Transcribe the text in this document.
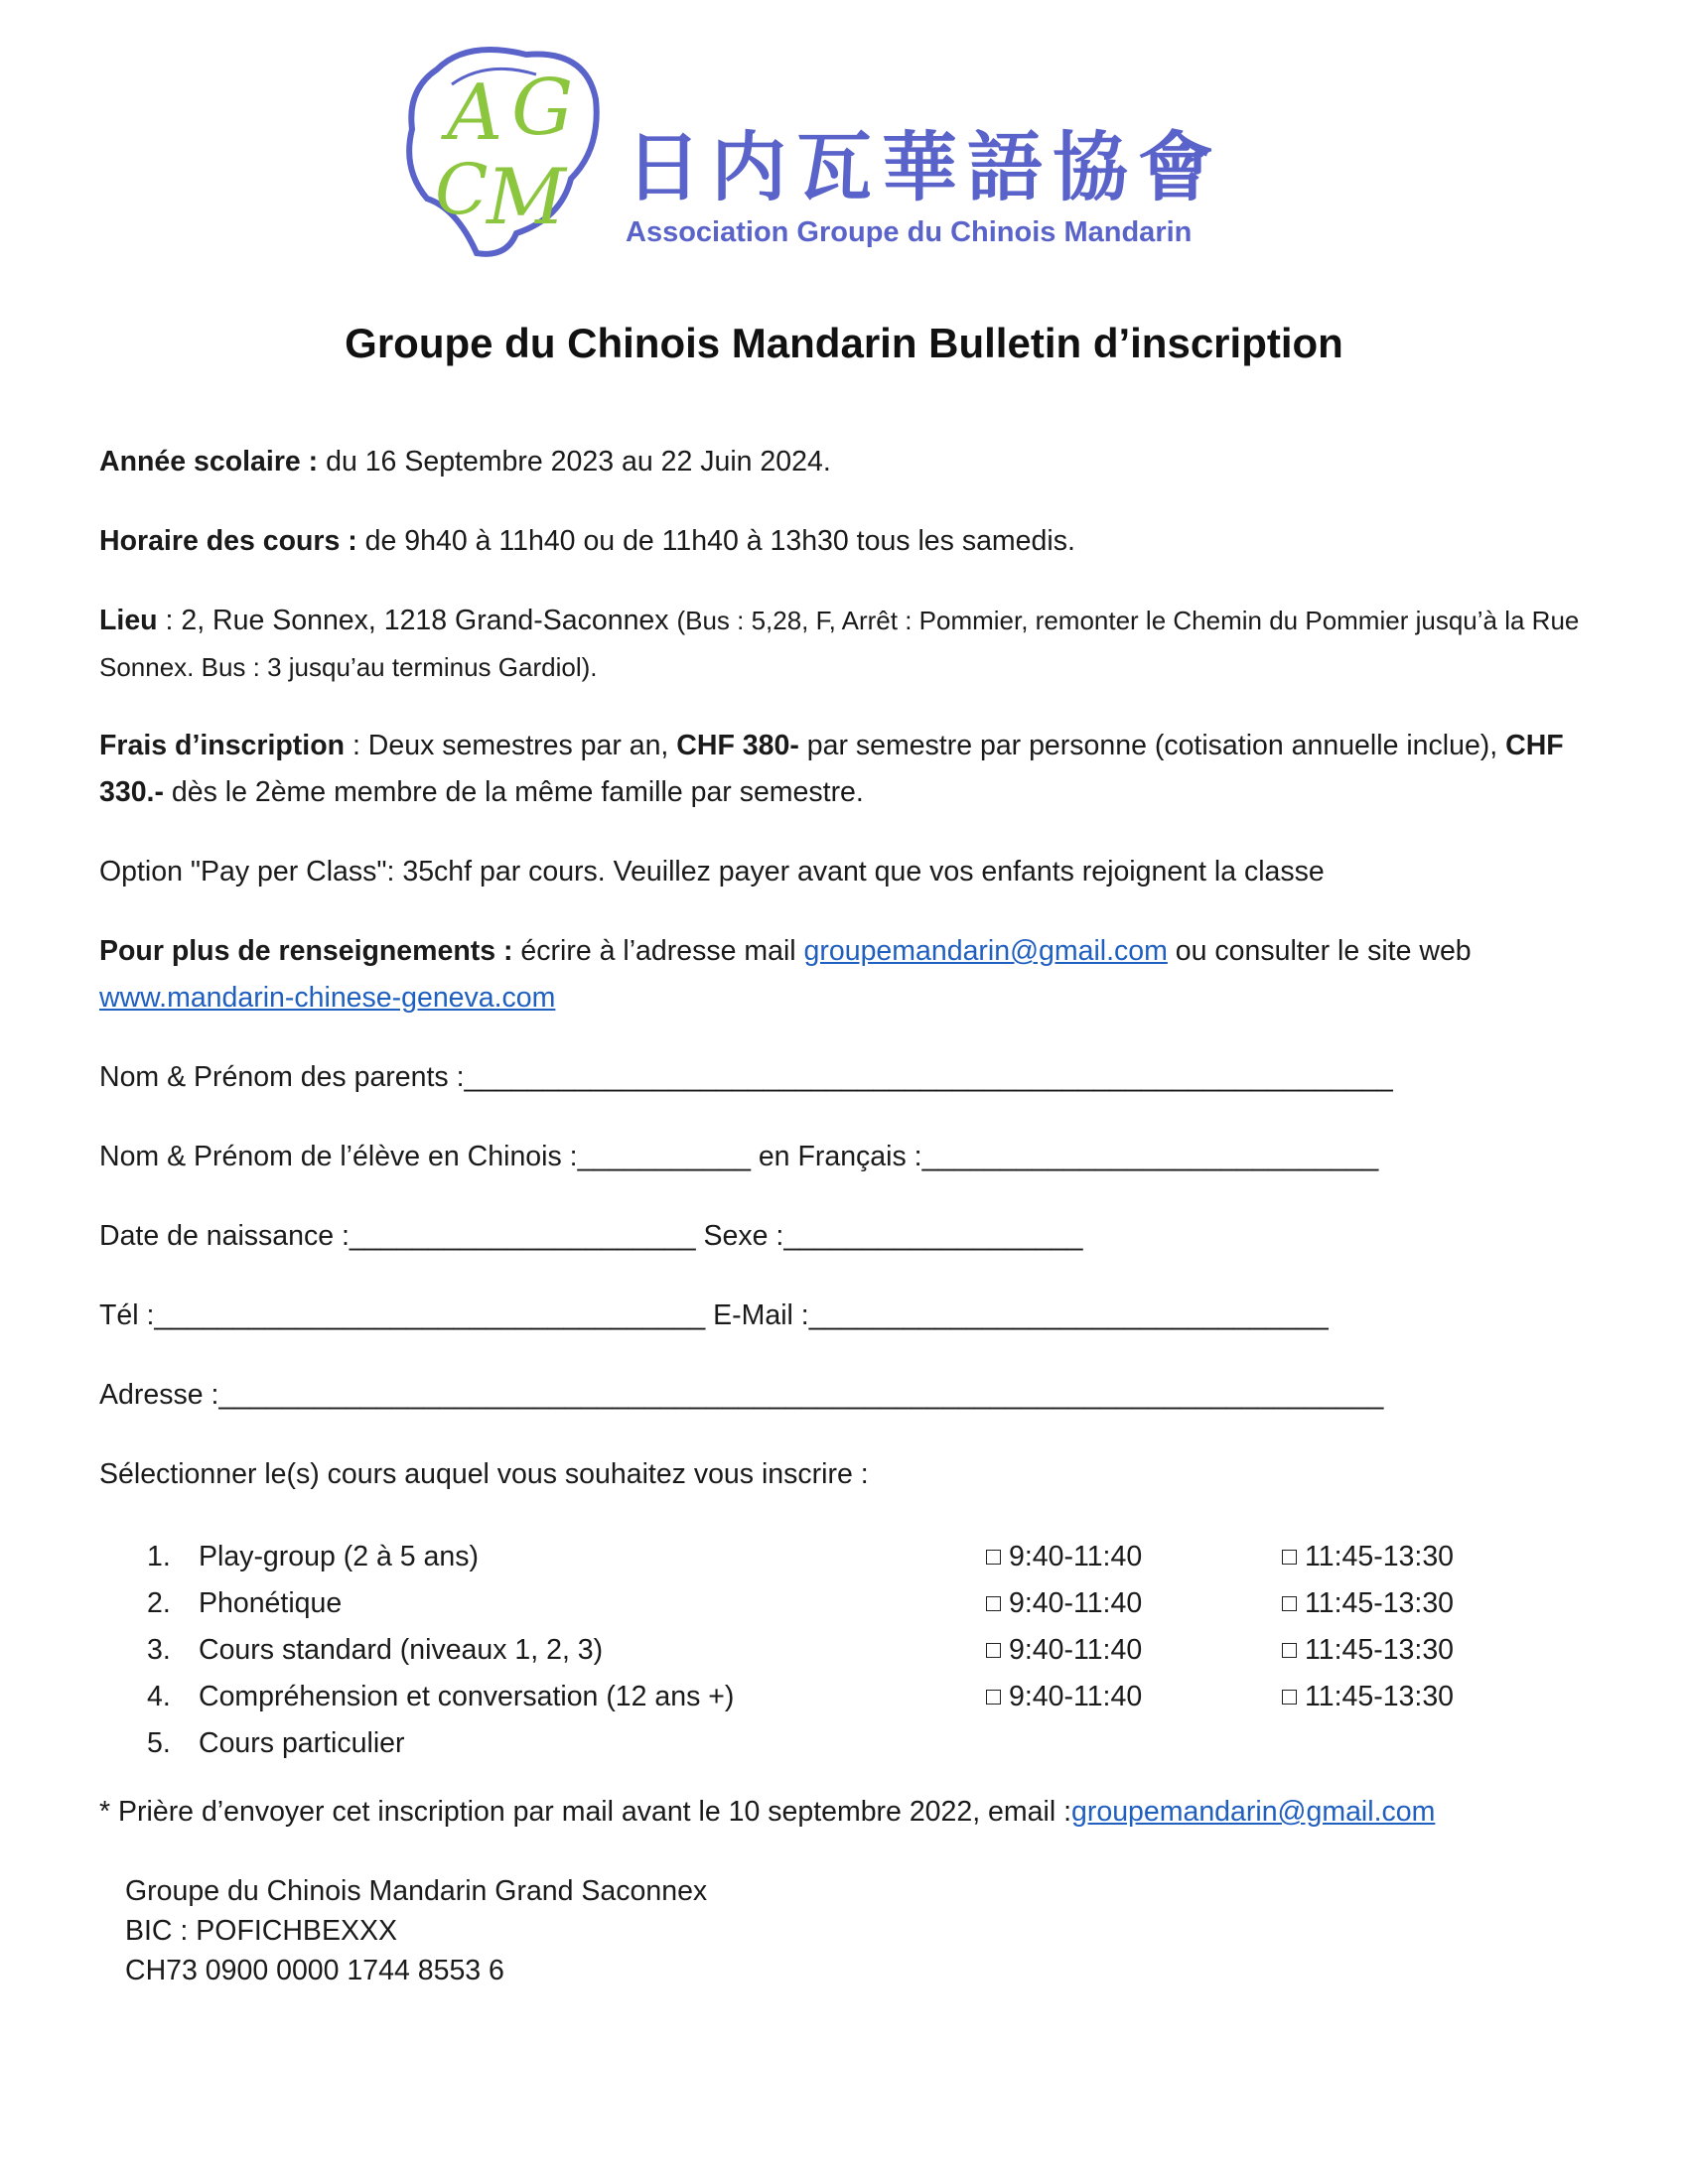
A G
C
M 日内瓦華語協會
Association Groupe du Chinois Mandarin
Groupe du Chinois Mandarin Bulletin d’inscription

Année scolaire : du 16 Septembre 2023 au 22 Juin 2024.

Horaire des cours : de 9h40 à 11h40 ou de 11h40 à 13h30 tous les samedis.

Lieu : 2, Rue Sonnex, 1218 Grand-Saconnex (Bus : 5,28, F, Arrêt : Pommier, remonter le Chemin du Pommier jusqu’à la Rue Sonnex. Bus : 3 jusqu’au terminus Gardiol).

Frais d’inscription : Deux semestres par an, CHF 380- par semestre par personne (cotisation annuelle inclue), CHF 330.- dès le 2ème membre de la même famille par semestre.

Option "Pay per Class": 35chf par cours. Veuillez payer avant que vos enfants rejoignent la classe

Pour plus de renseignements : écrire à l’adresse mail groupemandarin@gmail.com ou consulter le site web www.mandarin-chinese-geneva.com

Nom & Prénom des parents :___________________________________________________________

Nom & Prénom de l’élève en Chinois :___________ en Français :_____________________________

Date de naissance :______________________ Sexe :___________________

Tél :___________________________________ E-Mail :_________________________________

Adresse :__________________________________________________________________________

Sélectionner le(s) cours auquel vous souhaitez vous inscrire :

1. Play-group (2 à 5 ans)	9:40-11:40	11:45-13:30
2. Phonétique	9:40-11:40	11:45-13:30
3. Cours standard (niveaux 1, 2, 3)	9:40-11:40	11:45-13:30
4. Compréhension et conversation (12 ans +)	9:40-11:40	11:45-13:30
5. Cours particulier

* Prière d’envoyer cet inscription par mail avant le 10 septembre 2022, email :groupemandarin@gmail.com

Groupe du Chinois Mandarin Grand Saconnex
BIC : POFICHBEXXX
CH73 0900 0000 1744 8553 6
